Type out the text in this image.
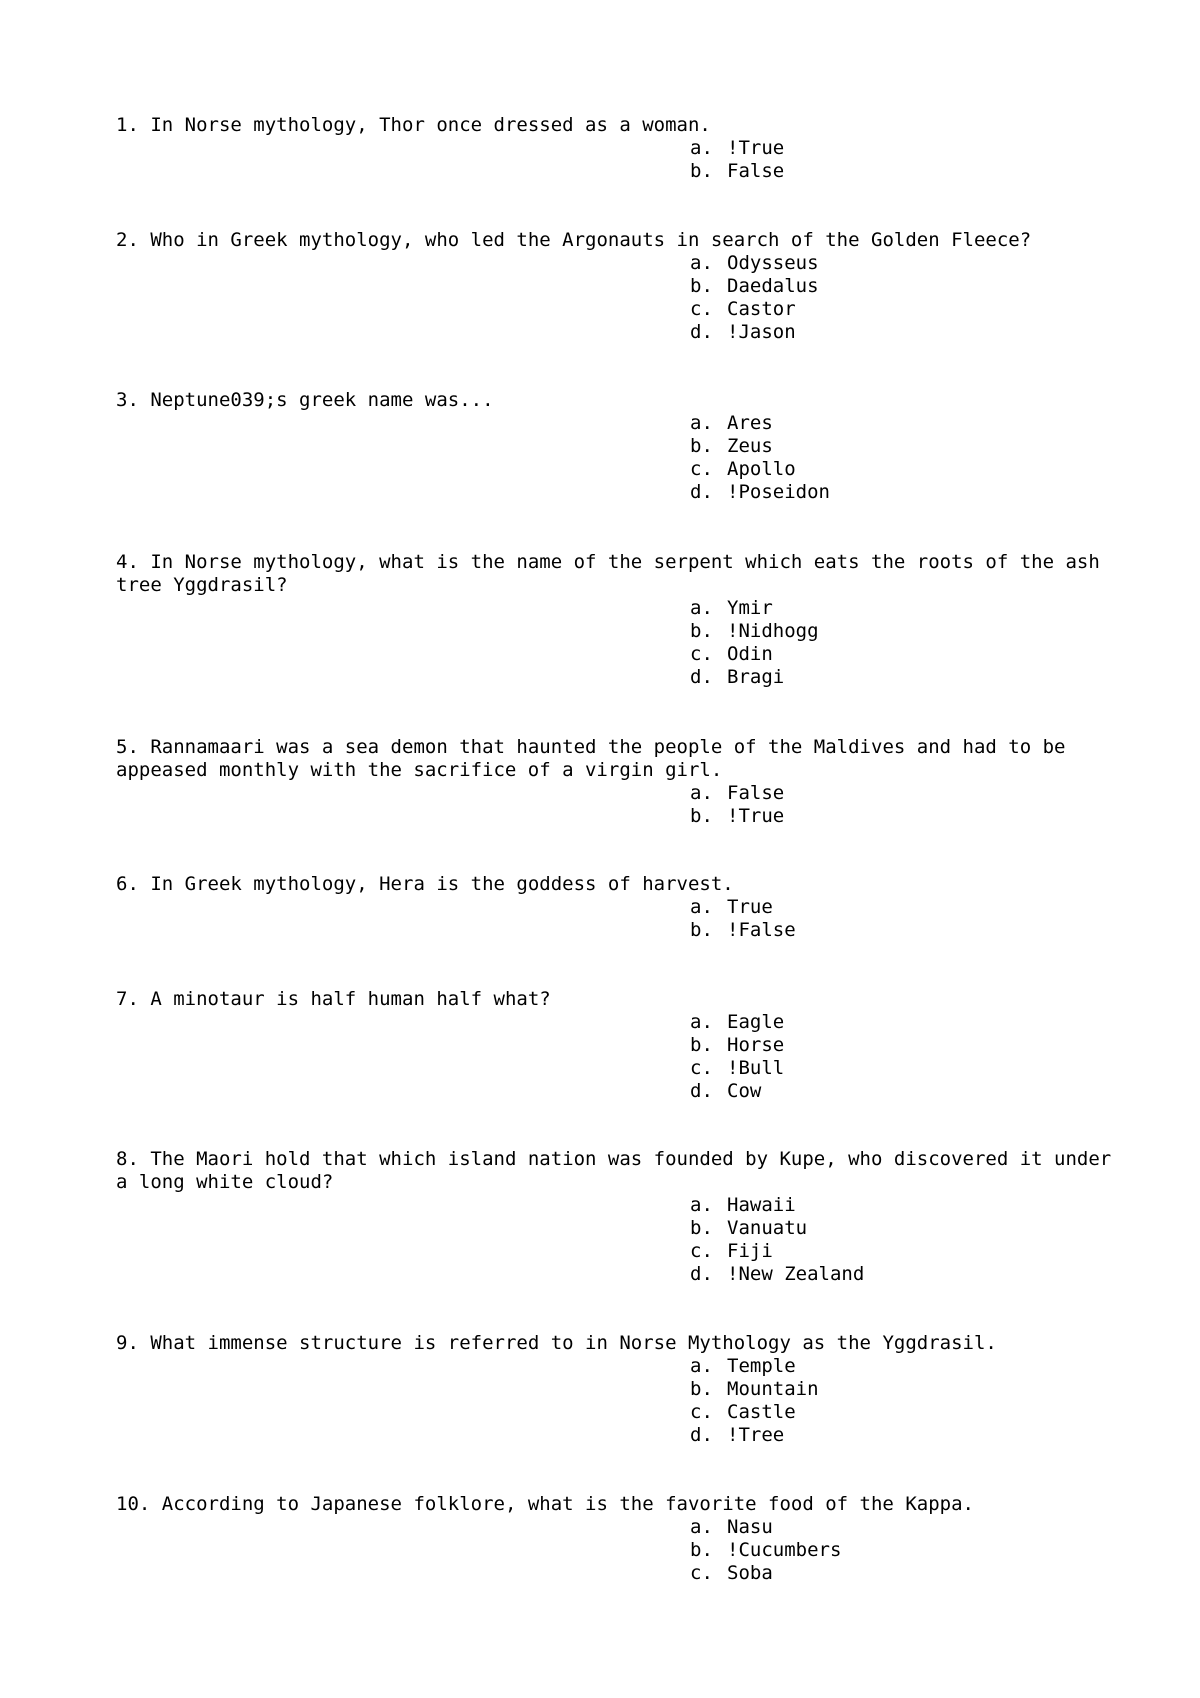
1. In Norse mythology, Thor once dressed as a woman.

a. !True
b. False

2. Who in Greek mythology, who led the Argonauts in search of the Golden Fleece?

a. Odysseus
b. Daedalus
c. Castor
d. !Jason

3. Neptune039;s greek name was...

a. Ares
b. Zeus
c. Apollo
d. !Poseidon

4. In Norse mythology, what is the name of the serpent which eats the roots of the ash tree Yggdrasil?

a. Ymir
b. !Nidhogg
c. Odin
d. Bragi

5. Rannamaari was a sea demon that haunted the people of the Maldives and had to be appeased monthly with the sacrifice of a virgin girl.

a. False
b. !True

6. In Greek mythology, Hera is the goddess of harvest.

a. True
b. !False

7. A minotaur is half human half what?

a. Eagle
b. Horse
c. !Bull
d. Cow

8. The Maori hold that which island nation was founded by Kupe, who discovered it under a long white cloud?

a. Hawaii
b. Vanuatu
c. Fiji
d. !New Zealand

9. What immense structure is referred to in Norse Mythology as the Yggdrasil.

a. Temple
b. Mountain
c. Castle
d. !Tree

10. According to Japanese folklore, what is the favorite food of the Kappa.

a. Nasu
b. !Cucumbers
c. Soba
